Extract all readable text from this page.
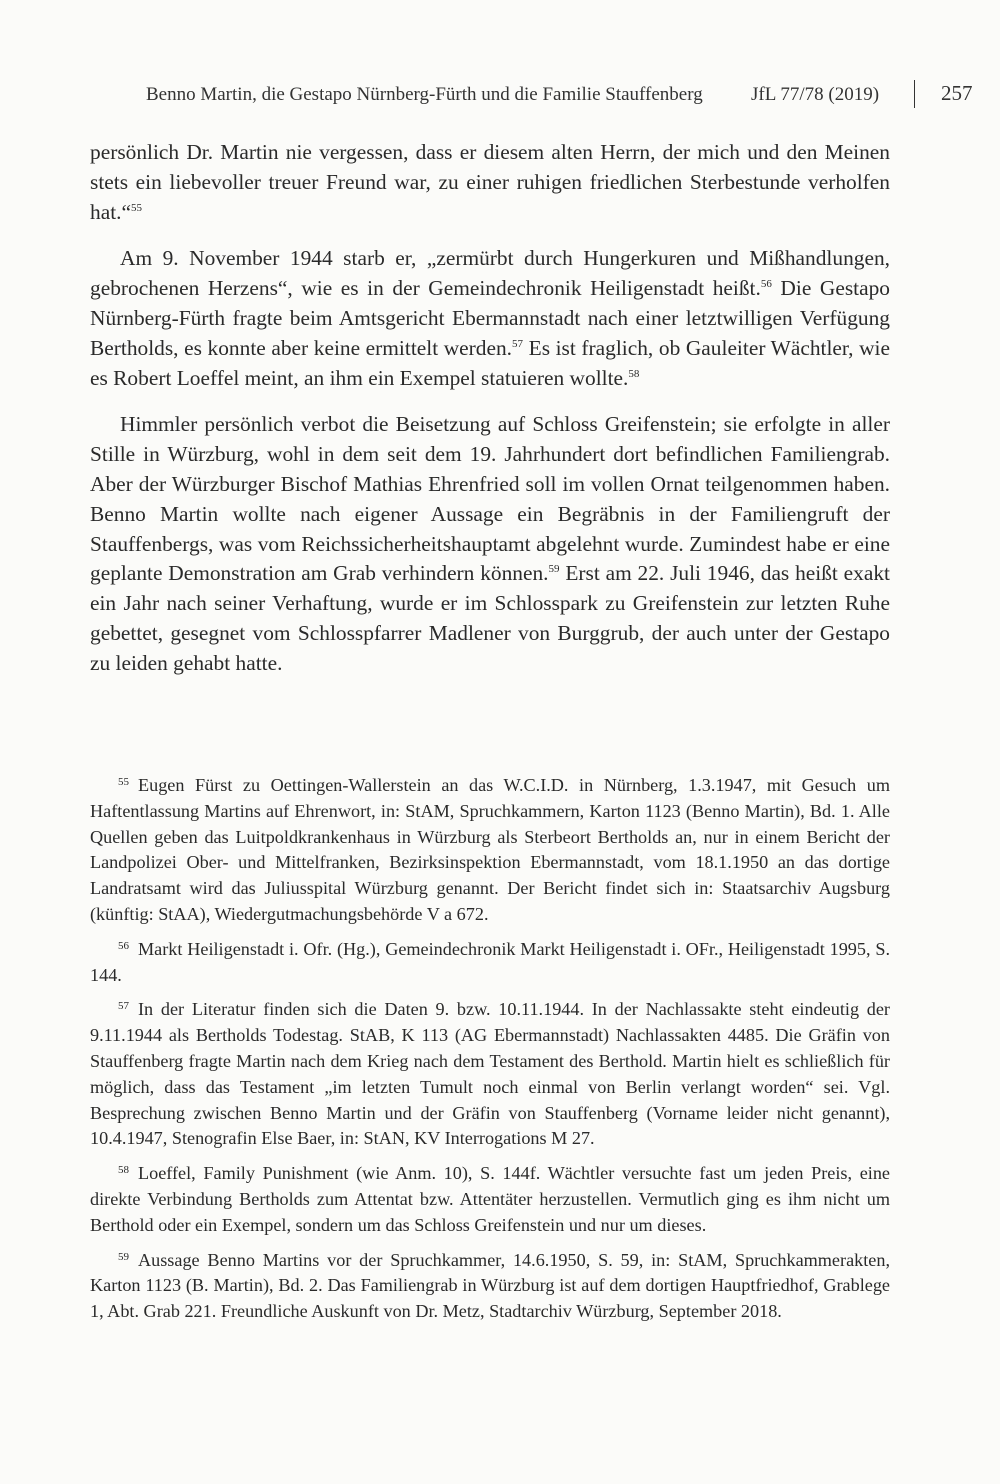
Benno Martin, die Gestapo Nürnberg-Fürth und die Familie Stauffenberg	JfL 77/78 (2019)	257

persönlich Dr. Martin nie vergessen, dass er diesem alten Herrn, der mich und den Meinen stets ein liebevoller treuer Freund war, zu einer ruhigen friedlichen Sterbestunde verholfen hat.“$^{55}$

Am 9. November 1944 starb er, „zermürbt durch Hungerkuren und Mißhandlungen, gebrochenen Herzens“, wie es in der Gemeindechronik Heiligenstadt heißt.$^{56}$ Die Gestapo Nürnberg-Fürth fragte beim Amtsgericht Ebermannstadt nach einer letztwilligen Verfügung Bertholds, es konnte aber keine ermittelt werden.$^{57}$ Es ist fraglich, ob Gauleiter Wächtler, wie es Robert Loeffel meint, an ihm ein Exempel statuieren wollte.$^{58}$

Himmler persönlich verbot die Beisetzung auf Schloss Greifenstein; sie erfolgte in aller Stille in Würzburg, wohl in dem seit dem 19. Jahrhundert dort befindlichen Familiengrab. Aber der Würzburger Bischof Mathias Ehrenfried soll im vollen Ornat teilgenommen haben. Benno Martin wollte nach eigener Aussage ein Begräbnis in der Familiengruft der Stauffenbergs, was vom Reichssicherheitshauptamt abgelehnt wurde. Zumindest habe er eine geplante Demonstration am Grab verhindern können.$^{59}$ Erst am 22. Juli 1946, das heißt exakt ein Jahr nach seiner Verhaftung, wurde er im Schlosspark zu Greifenstein zur letzten Ruhe gebettet, gesegnet vom Schlosspfarrer Madlener von Burggrub, der auch unter der Gestapo zu leiden gehabt hatte.

55 Eugen Fürst zu Oettingen-Wallerstein an das W.C.I.D. in Nürnberg, 1.3.1947, mit Gesuch um Haftentlassung Martins auf Ehrenwort, in: StAM, Spruchkammern, Karton 1123 (Benno Martin), Bd. 1. Alle Quellen geben das Luitpoldkrankenhaus in Würzburg als Sterbeort Bertholds an, nur in einem Bericht der Landpolizei Ober- und Mittelfranken, Bezirksinspektion Ebermannstadt, vom 18.1.1950 an das dortige Landratsamt wird das Juliusspital Würzburg genannt. Der Bericht findet sich in: Staatsarchiv Augsburg (künftig: StAA), Wiedergutmachungsbehörde V a 672.
56 Markt Heiligenstadt i. Ofr. (Hg.), Gemeindechronik Markt Heiligenstadt i. OFr., Heiligenstadt 1995, S. 144.
57 In der Literatur finden sich die Daten 9. bzw. 10.11.1944. In der Nachlassakte steht eindeutig der 9.11.1944 als Bertholds Todestag. StAB, K 113 (AG Ebermannstadt) Nachlassakten 4485. Die Gräfin von Stauffenberg fragte Martin nach dem Krieg nach dem Testament des Berthold. Martin hielt es schließlich für möglich, dass das Testament „im letzten Tumult noch einmal von Berlin verlangt worden“ sei. Vgl. Besprechung zwischen Benno Martin und der Gräfin von Stauffenberg (Vorname leider nicht genannt), 10.4.1947, Stenografin Else Baer, in: StAN, KV Interrogations M 27.
58 Loeffel, Family Punishment (wie Anm. 10), S. 144f. Wächtler versuchte fast um jeden Preis, eine direkte Verbindung Bertholds zum Attentat bzw. Attentäter herzustellen. Vermutlich ging es ihm nicht um Berthold oder ein Exempel, sondern um das Schloss Greifenstein und nur um dieses.
59 Aussage Benno Martins vor der Spruchkammer, 14.6.1950, S. 59, in: StAM, Spruchkammerakten, Karton 1123 (B. Martin), Bd. 2. Das Familiengrab in Würzburg ist auf dem dortigen Hauptfriedhof, Grablege 1, Abt. Grab 221. Freundliche Auskunft von Dr. Metz, Stadtarchiv Würzburg, September 2018.
